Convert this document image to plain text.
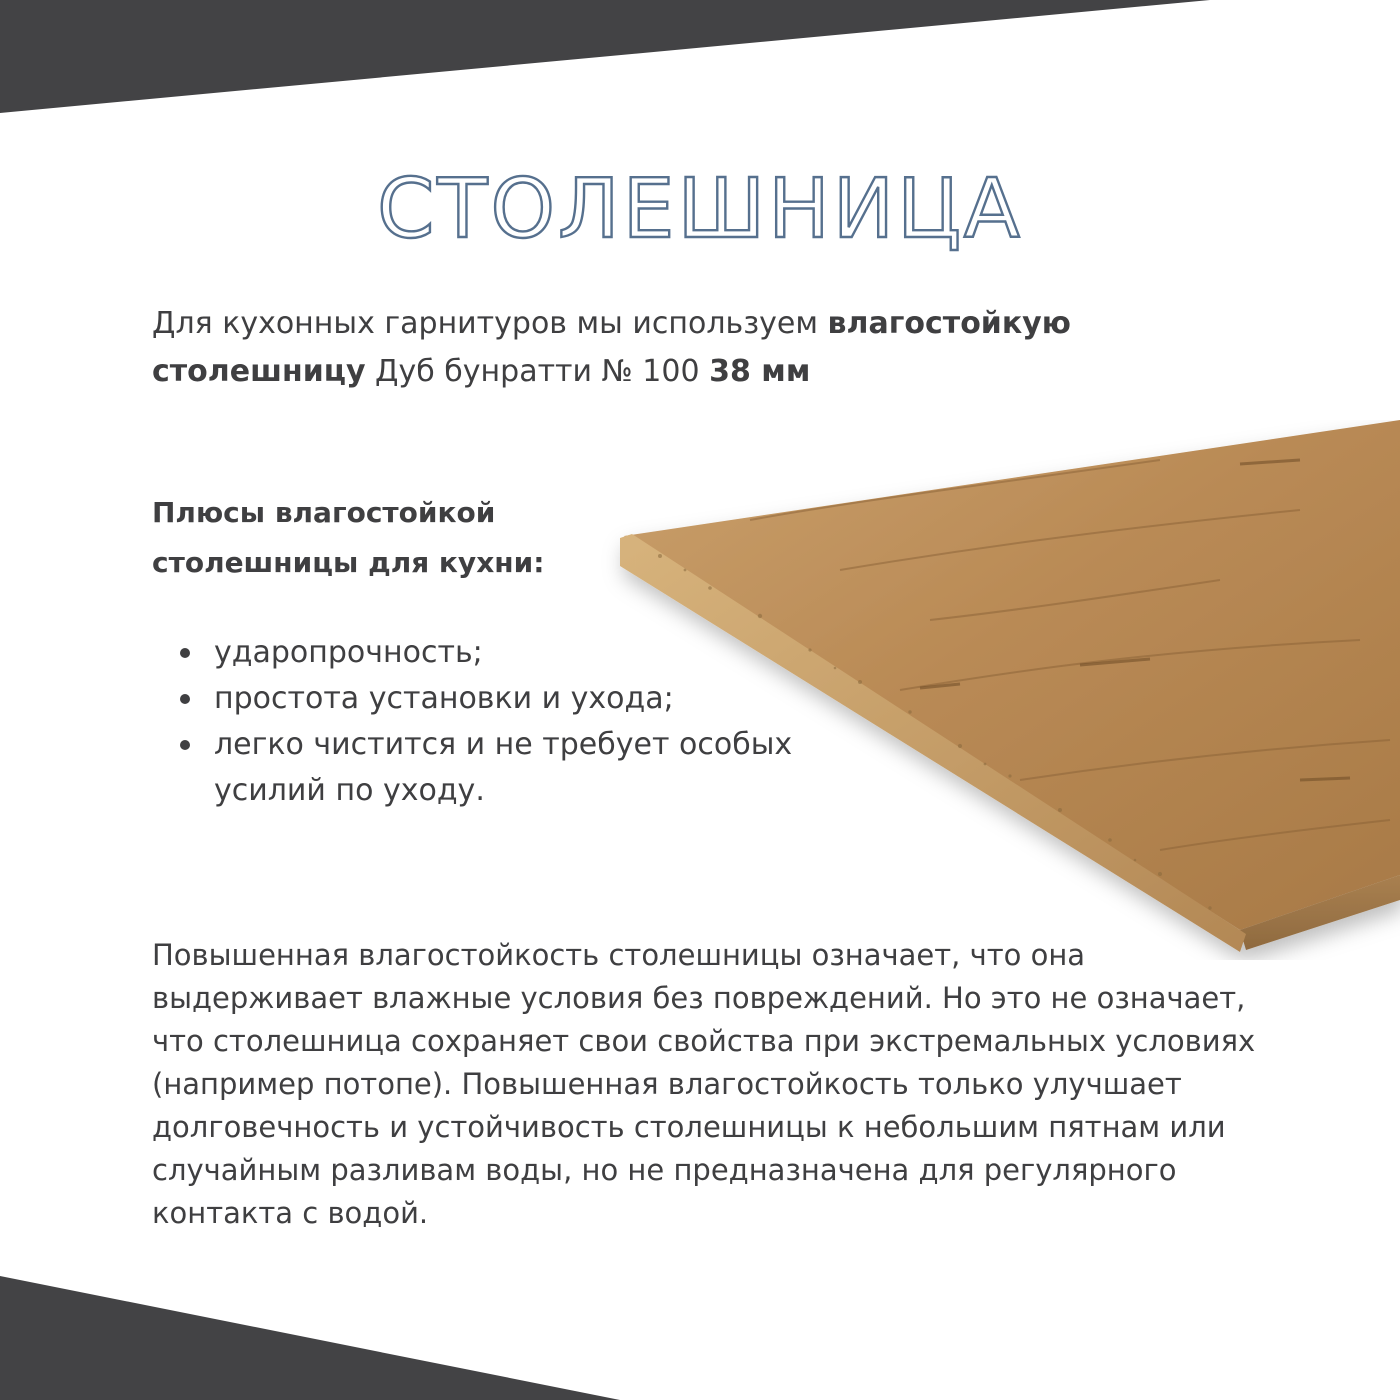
СТОЛЕШНИЦА

Для кухонных гарнитуров мы используем влагостойкую столешницу Дуб бунратти № 100 38 мм

Плюсы влагостойкой столешницы для кухни:
ударопрочность;
простота установки и ухода;
легко чистится и не требует особых усилий по уходу.

Повышенная влагостойкость столешницы означает, что она выдерживает влажные условия без повреждений. Но это не означает, что столешница сохраняет свои свойства при экстремальных условиях (например потопе). Повышенная влагостойкость только улучшает долговечность и устойчивость столешницы к небольшим пятнам или случайным разливам воды, но не предназначена для регулярного контакта с водой.
